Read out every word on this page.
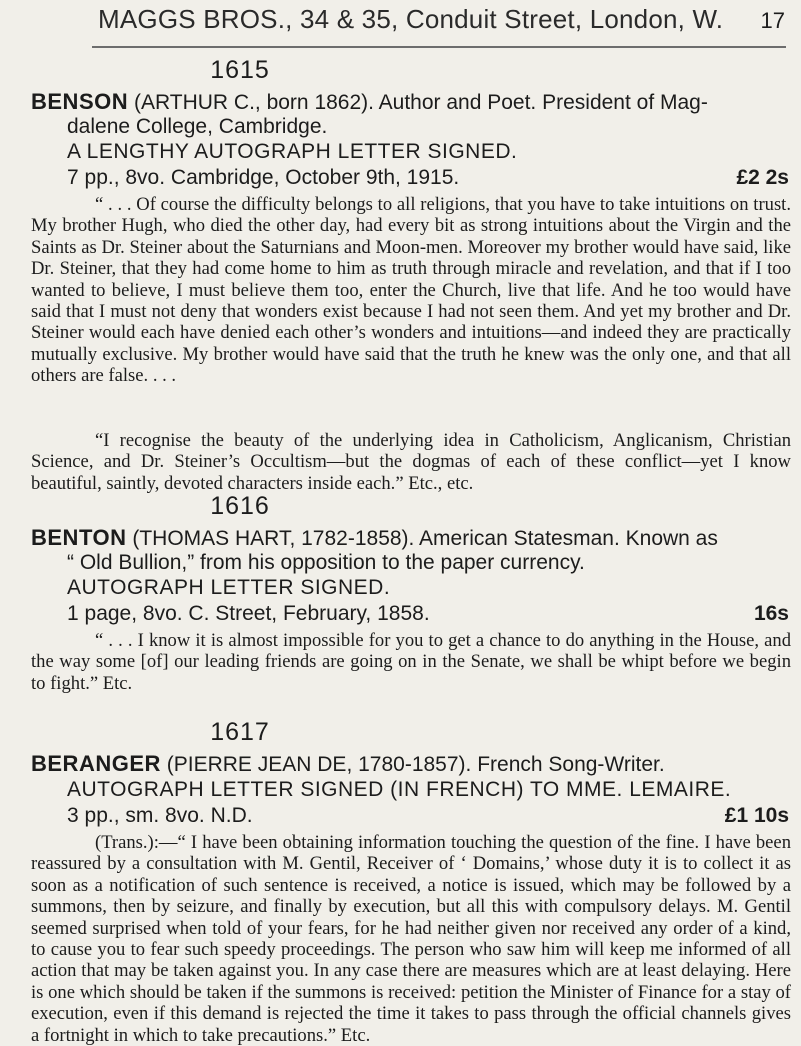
MAGGS BROS., 34 & 35, Conduit Street, London, W.	17
1615
BENSON (ARTHUR C., born 1862). Author and Poet. President of Mag-
dalene College, Cambridge.
A LENGTHY AUTOGRAPH LETTER SIGNED.
7 pp., 8vo. Cambridge, October 9th, 1915.	£2 2s
“ . . . Of course the difficulty belongs to all religions, that you have to take intuitions on trust. My brother Hugh, who died the other day, had every bit as strong intuitions about the Virgin and the Saints as Dr. Steiner about the Saturnians and Moon-men. Moreover my brother would have said, like Dr. Steiner, that they had come home to him as truth through miracle and revelation, and that if I too wanted to believe, I must believe them too, enter the Church, live that life. And he too would have said that I must not deny that wonders exist because I had not seen them. And yet my brother and Dr. Steiner would each have denied each other’s wonders and intuitions—and indeed they are practically mutually exclusive. My brother would have said that the truth he knew was the only one, and that all others are false. . . .
“I recognise the beauty of the underlying idea in Catholicism, Anglicanism, Christian Science, and Dr. Steiner’s Occultism—but the dogmas of each of these conflict—yet I know beautiful, saintly, devoted characters inside each.” Etc., etc.
1616
BENTON (THOMAS HART, 1782-1858). American Statesman. Known as
“ Old Bullion,” from his opposition to the paper currency.
AUTOGRAPH LETTER SIGNED.
1 page, 8vo. C. Street, February, 1858.	16s
“ . . . I know it is almost impossible for you to get a chance to do anything in the House, and the way some [of] our leading friends are going on in the Senate, we shall be whipt before we begin to fight.” Etc.
1617
BERANGER (PIERRE JEAN DE, 1780-1857). French Song-Writer.
AUTOGRAPH LETTER SIGNED (IN FRENCH) TO MME. LEMAIRE.
3 pp., sm. 8vo. N.D.	£1 10s
(Trans.):—“ I have been obtaining information touching the question of the fine. I have been reassured by a consultation with M. Gentil, Receiver of ‘ Domains,’ whose duty it is to collect it as soon as a notification of such sentence is received, a notice is issued, which may be followed by a summons, then by seizure, and finally by execution, but all this with compulsory delays. M. Gentil seemed surprised when told of your fears, for he had neither given nor received any order of a kind, to cause you to fear such speedy proceedings. The person who saw him will keep me informed of all action that may be taken against you. In any case there are measures which are at least delaying. Here is one which should be taken if the summons is received: petition the Minister of Finance for a stay of execution, even if this demand is rejected the time it takes to pass through the official channels gives a fortnight in which to take precautions.” Etc.
